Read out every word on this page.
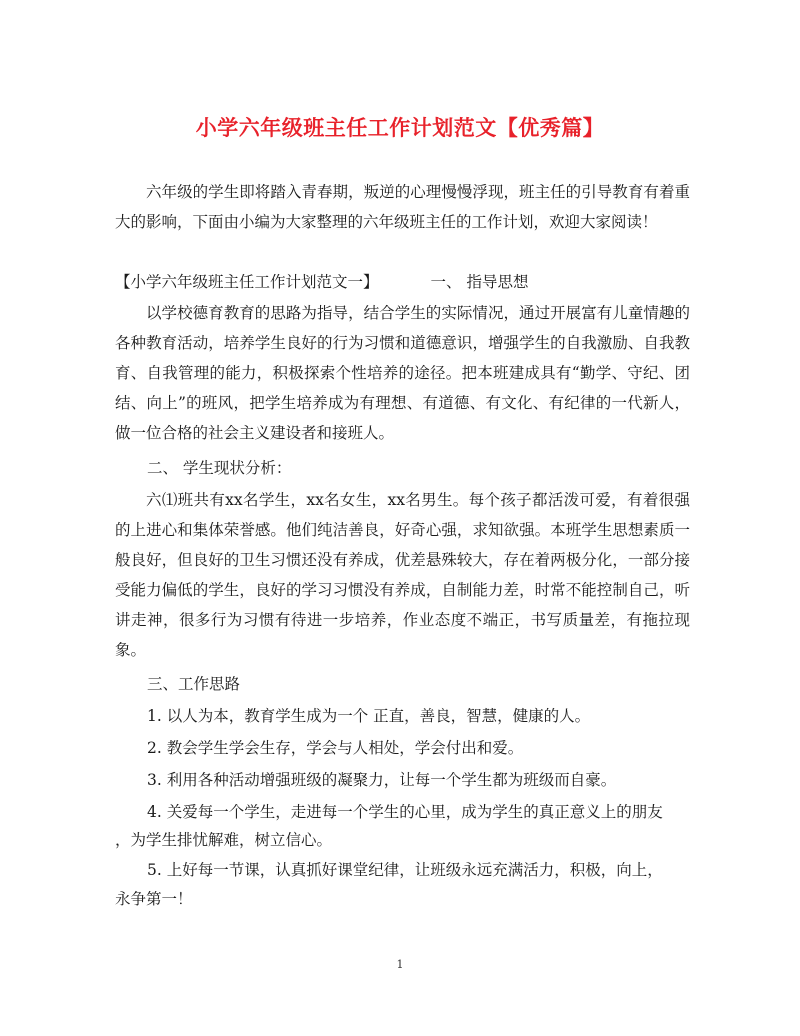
小学六年级班主任工作计划范文【优秀篇】

六年级的学生即将踏入青春期，叛逆的心理慢慢浮现，班主任的引导教育有着重大的影响，下面由小编为大家整理的六年级班主任的工作计划，欢迎大家阅读！

【小学六年级班主任工作计划范文一】	一、 指导思想

以学校德育教育的思路为指导，结合学生的实际情况，通过开展富有儿童情趣的各种教育活动，培养学生良好的行为习惯和道德意识，增强学生的自我激励、自我教育、自我管理的能力，积极探索个性培养的途径。把本班建成具有“勤学、守纪、团结、向上”的班风，把学生培养成为有理想、有道德、有文化、有纪律的一代新人，做一位合格的社会主义建设者和接班人。

二、 学生现状分析：

六⑴班共有xx名学生，xx名女生，xx名男生。每个孩子都活泼可爱，有着很强的上进心和集体荣誉感。他们纯洁善良，好奇心强，求知欲强。本班学生思想素质一般良好，但良好的卫生习惯还没有养成，优差悬殊较大，存在着两极分化，一部分接受能力偏低的学生，良好的学习习惯没有养成，自制能力差，时常不能控制自己，听讲走神，很多行为习惯有待进一步培养，作业态度不端正，书写质量差，有拖拉现象。

三、工作思路

1. 以人为本，教育学生成为一个 正直，善良，智慧，健康的人。

2. 教会学生学会生存，学会与人相处，学会付出和爱。

3. 利用各种活动增强班级的凝聚力，让每一个学生都为班级而自豪。

4. 关爱每一个学生，走进每一个学生的心里，成为学生的真正意义上的朋友

，为学生排忧解难，树立信心。

5. 上好每一节课，认真抓好课堂纪律，让班级永远充满活力，积极，向上，

永争第一！

1
